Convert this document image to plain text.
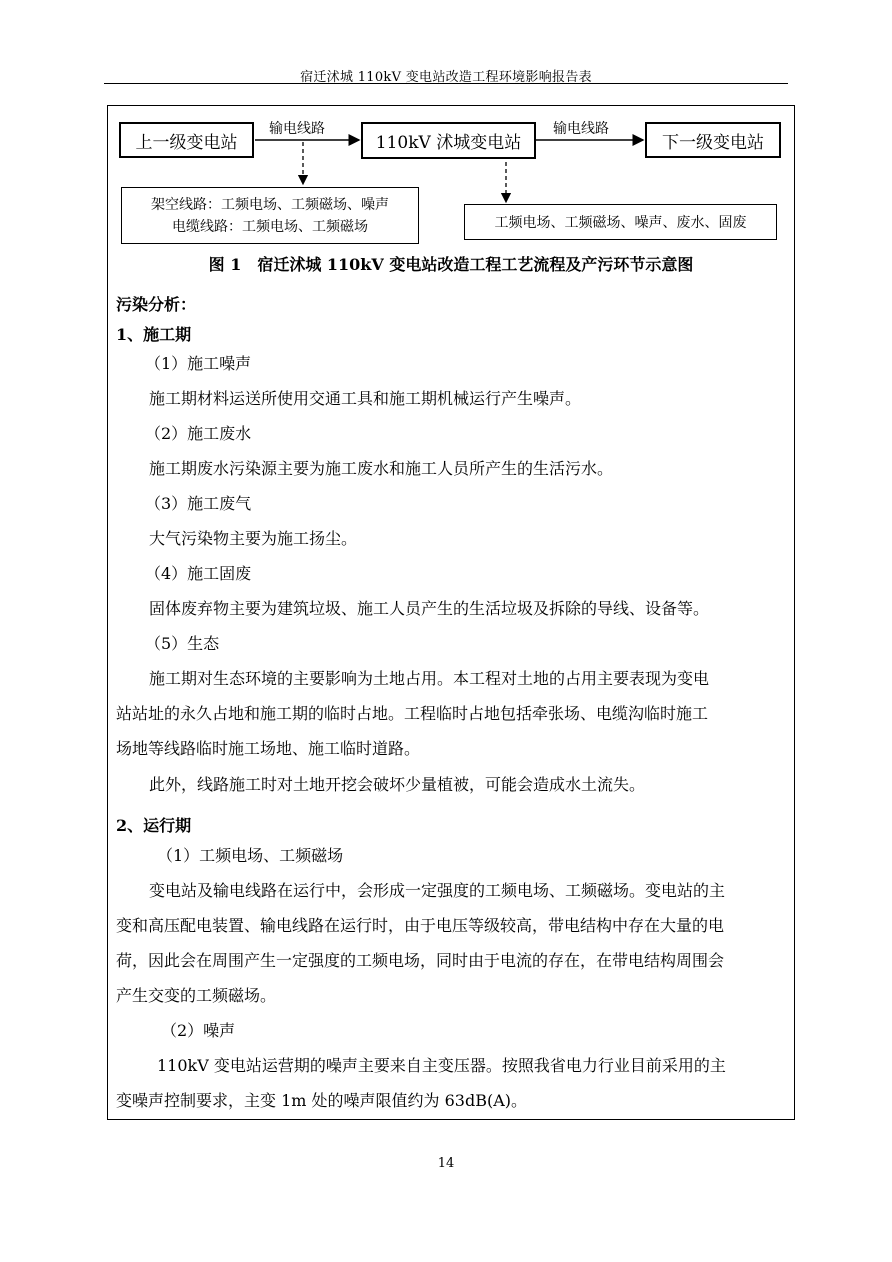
宿迁沭城 110kV 变电站改造工程环境影响报告表
上一级变电站	110kV 沭城变电站	下一级变电站
输电线路	输电线路
架空线路：工频电场、工频磁场、噪声
电缆线路：工频电场、工频磁场	工频电场、工频磁场、噪声、废水、固废
图 1　宿迁沭城 110kV 变电站改造工程工艺流程及产污环节示意图
污染分析：
1、施工期
（1）施工噪声
施工期材料运送所使用交通工具和施工期机械运行产生噪声。
（2）施工废水
施工期废水污染源主要为施工废水和施工人员所产生的生活污水。
（3）施工废气
大气污染物主要为施工扬尘。
（4）施工固废
固体废弃物主要为建筑垃圾、施工人员产生的生活垃圾及拆除的导线、设备等。
（5）生态
施工期对生态环境的主要影响为土地占用。本工程对土地的占用主要表现为变电
站站址的永久占地和施工期的临时占地。工程临时占地包括牵张场、电缆沟临时施工
场地等线路临时施工场地、施工临时道路。
此外，线路施工时对土地开挖会破坏少量植被，可能会造成水土流失。
2、运行期
（1）工频电场、工频磁场
变电站及输电线路在运行中，会形成一定强度的工频电场、工频磁场。变电站的主
变和高压配电装置、输电线路在运行时，由于电压等级较高，带电结构中存在大量的电
荷，因此会在周围产生一定强度的工频电场，同时由于电流的存在，在带电结构周围会
产生交变的工频磁场。
（2）噪声
110kV 变电站运营期的噪声主要来自主变压器。按照我省电力行业目前采用的主
变噪声控制要求，主变 1m 处的噪声限值约为 63dB(A)。
14
